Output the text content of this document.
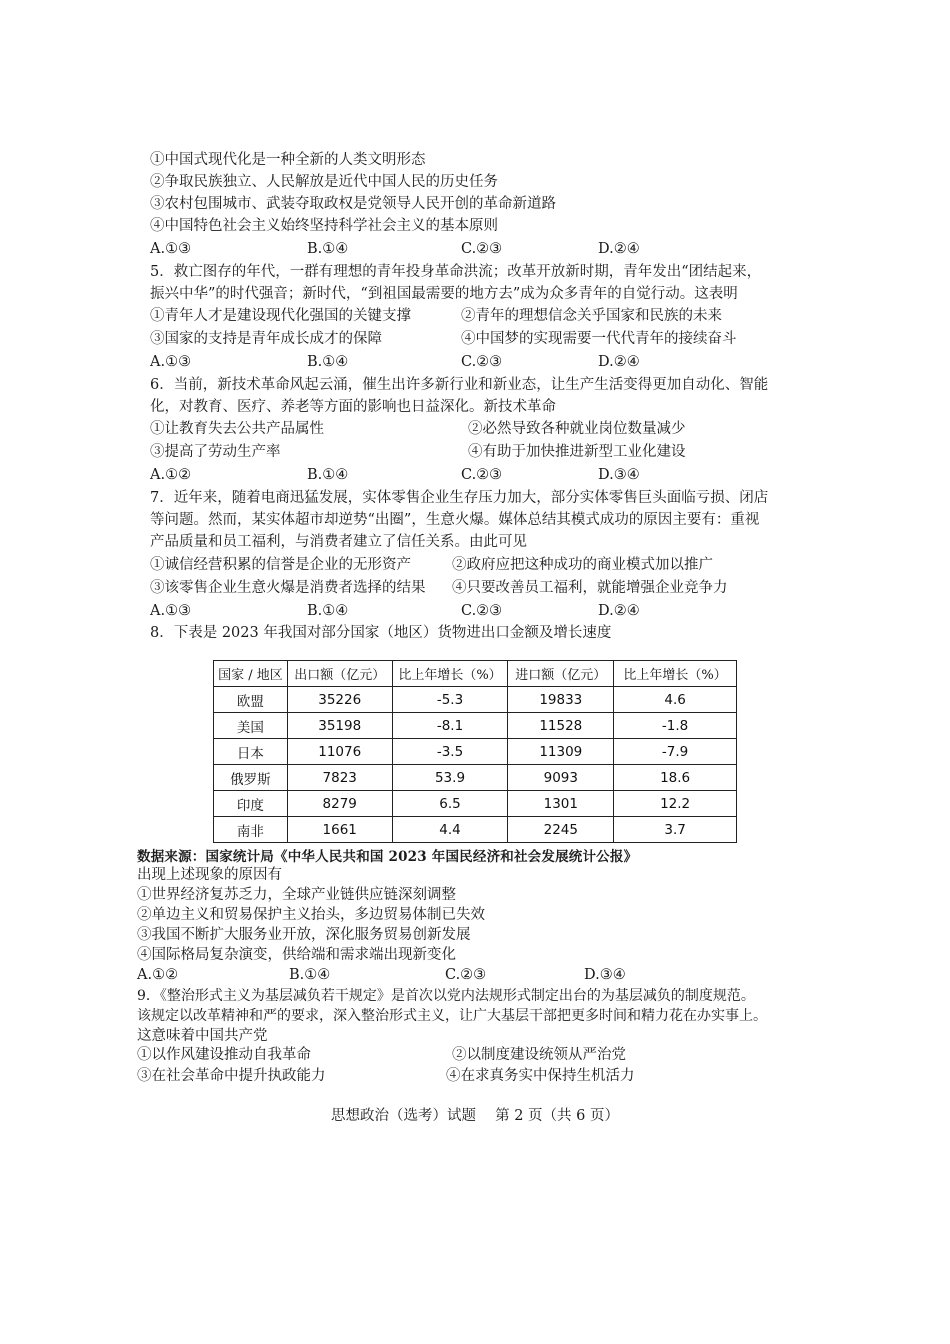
①中国式现代化是一种全新的人类文明形态
②争取民族独立、人民解放是近代中国人民的历史任务
③农村包围城市、武装夺取政权是党领导人民开创的革命新道路
④中国特色社会主义始终坚持科学社会主义的基本原则
A.①③	B.①④	C.②③	D.②④
5．救亡图存的年代，一群有理想的青年投身革命洪流；改革开放新时期，青年发出“团结起来，
振兴中华”的时代强音；新时代，“到祖国最需要的地方去”成为众多青年的自觉行动。这表明
①青年人才是建设现代化强国的关键支撑	②青年的理想信念关乎国家和民族的未来
③国家的支持是青年成长成才的保障	④中国梦的实现需要一代代青年的接续奋斗
A.①③	B.①④	C.②③	D.②④
6．当前，新技术革命风起云涌，催生出许多新行业和新业态，让生产生活变得更加自动化、智能
化，对教育、医疗、养老等方面的影响也日益深化。新技术革命
①让教育失去公共产品属性	②必然导致各种就业岗位数量减少
③提高了劳动生产率	④有助于加快推进新型工业化建设
A.①②	B.①④	C.②③	D.③④
7．近年来，随着电商迅猛发展，实体零售企业生存压力加大，部分实体零售巨头面临亏损、闭店
等问题。然而，某实体超市却逆势“出圈”，生意火爆。媒体总结其模式成功的原因主要有：重视
产品质量和员工福利，与消费者建立了信任关系。由此可见
①诚信经营积累的信誉是企业的无形资产	②政府应把这种成功的商业模式加以推广
③该零售企业生意火爆是消费者选择的结果 ④只要改善员工福利，就能增强企业竞争力
A.①③	B.①④	C.②③	D.②④
8．下表是 2023 年我国对部分国家（地区）货物进出口金额及增长速度
国家 / 地区	出口额（亿元）	比上年增长（%）	进口额（亿元）	比上年增长（%）
欧盟	35226	-5.3	19833	4.6
美国	35198	-8.1	11528	-1.8
日本	11076	-3.5	11309	-7.9
俄罗斯	7823	53.9	9093	18.6
印度	8279	6.5	1301	12.2
南非	1661	4.4	2245	3.7
数据来源：国家统计局《中华人民共和国 2023 年国民经济和社会发展统计公报》
出现上述现象的原因有
①世界经济复苏乏力，全球产业链供应链深刻调整
②单边主义和贸易保护主义抬头，多边贸易体制已失效
③我国不断扩大服务业开放，深化服务贸易创新发展
④国际格局复杂演变，供给端和需求端出现新变化
A.①②	B.①④	C.②③	D.③④
9．《整治形式主义为基层减负若干规定》是首次以党内法规形式制定出台的为基层减负的制度规范。
该规定以改革精神和严的要求，深入整治形式主义，让广大基层干部把更多时间和精力花在办实事上。
这意味着中国共产党
①以作风建设推动自我革命	②以制度建设统领从严治党
③在社会革命中提升执政能力	④在求真务实中保持生机活力
思想政治（选考）试题　 第 2 页（共 6 页）
